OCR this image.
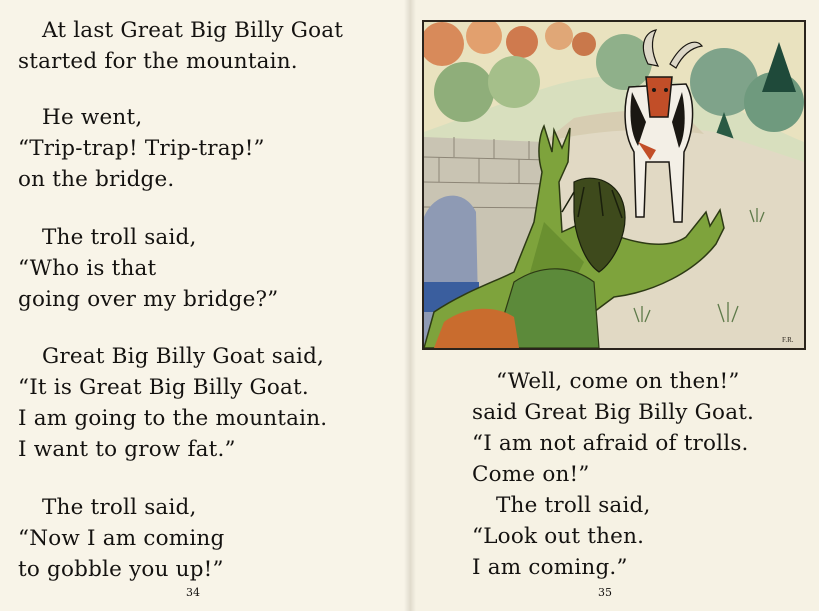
At last Great Big Billy Goat
started for the mountain.
He went,
“Trip-trap! Trip-trap!”
on the bridge.
The troll said,
“Who is that
going over my bridge?”
Great Big Billy Goat said,
“It is Great Big Billy Goat.
I am going to the mountain.
I want to grow fat.”
The troll said,
“Now I am coming
to gobble you up!”
34
F.R.
“Well, come on then!”
said Great Big Billy Goat.
“I am not afraid of trolls.
Come on!”
The troll said,
“Look out then.
I am coming.”
35
